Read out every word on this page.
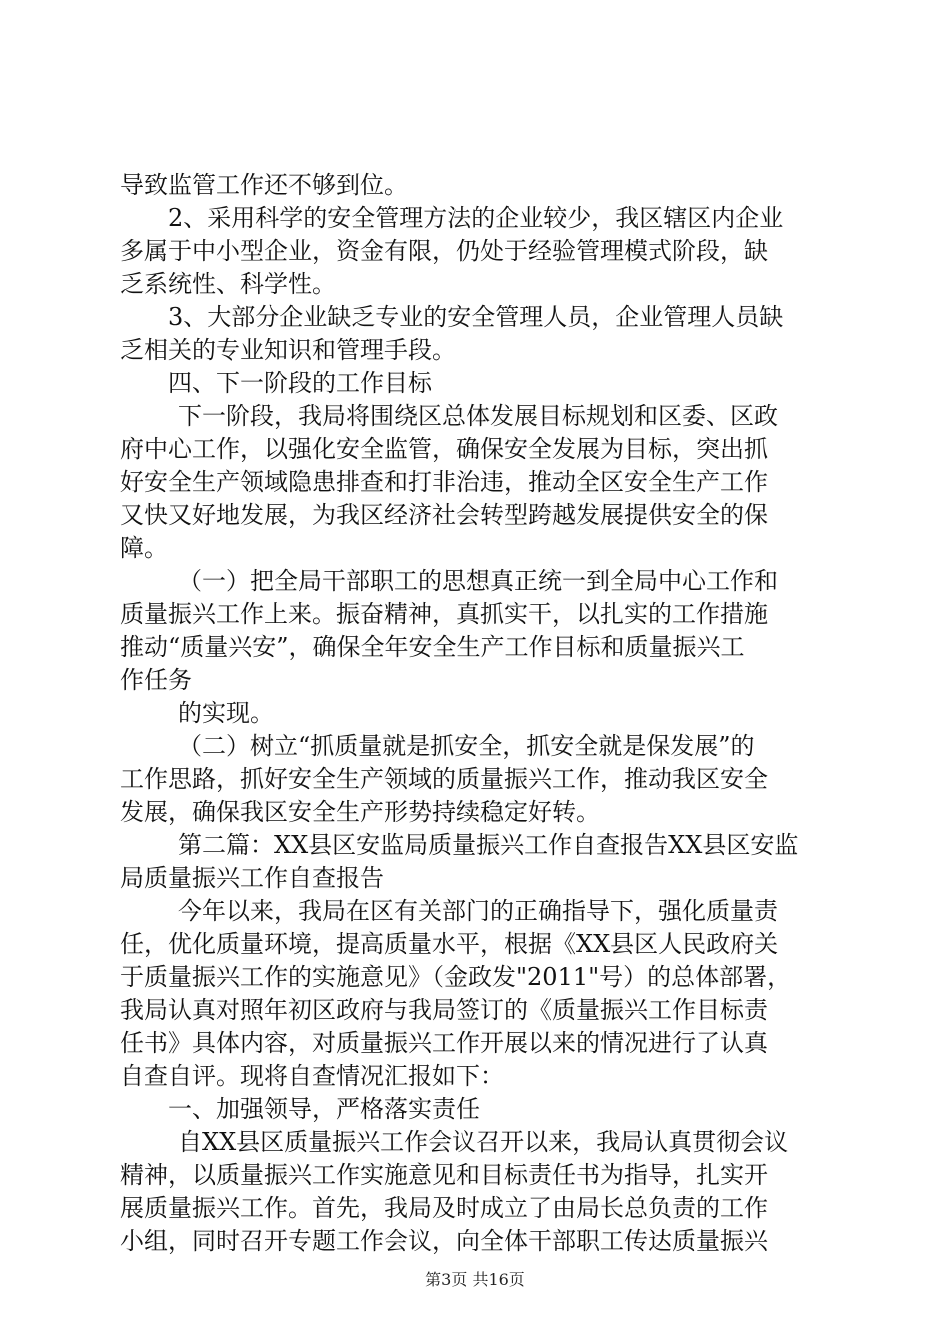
导致监管工作还不够到位。
2、采用科学的安全管理方法的企业较少，我区辖区内企业
多属于中小型企业，资金有限，仍处于经验管理模式阶段，缺
乏系统性、科学性。
3、大部分企业缺乏专业的安全管理人员，企业管理人员缺
乏相关的专业知识和管理手段。
四、下一阶段的工作目标
下一阶段，我局将围绕区总体发展目标规划和区委、区政
府中心工作，以强化安全监管，确保安全发展为目标，突出抓
好安全生产领域隐患排查和打非治违，推动全区安全生产工作
又快又好地发展，为我区经济社会转型跨越发展提供安全的保
障。
（一）把全局干部职工的思想真正统一到全局中心工作和
质量振兴工作上来。振奋精神，真抓实干，以扎实的工作措施
推动“质量兴安”，确保全年安全生产工作目标和质量振兴工
作任务
的实现。
（二）树立“抓质量就是抓安全，抓安全就是保发展”的
工作思路，抓好安全生产领域的质量振兴工作，推动我区安全
发展，确保我区安全生产形势持续稳定好转。
第二篇：XX县区安监局质量振兴工作自查报告XX县区安监
局质量振兴工作自查报告
今年以来，我局在区有关部门的正确指导下，强化质量责
任，优化质量环境，提高质量水平，根据《XX县区人民政府关
于质量振兴工作的实施意见》（金政发"2011"号）的总体部署，
我局认真对照年初区政府与我局签订的《质量振兴工作目标责
任书》具体内容，对质量振兴工作开展以来的情况进行了认真
自查自评。现将自查情况汇报如下：
一、加强领导，严格落实责任
自XX县区质量振兴工作会议召开以来，我局认真贯彻会议
精神，以质量振兴工作实施意见和目标责任书为指导，扎实开
展质量振兴工作。首先，我局及时成立了由局长总负责的工作
小组，同时召开专题工作会议，向全体干部职工传达质量振兴
第3页 共16页
